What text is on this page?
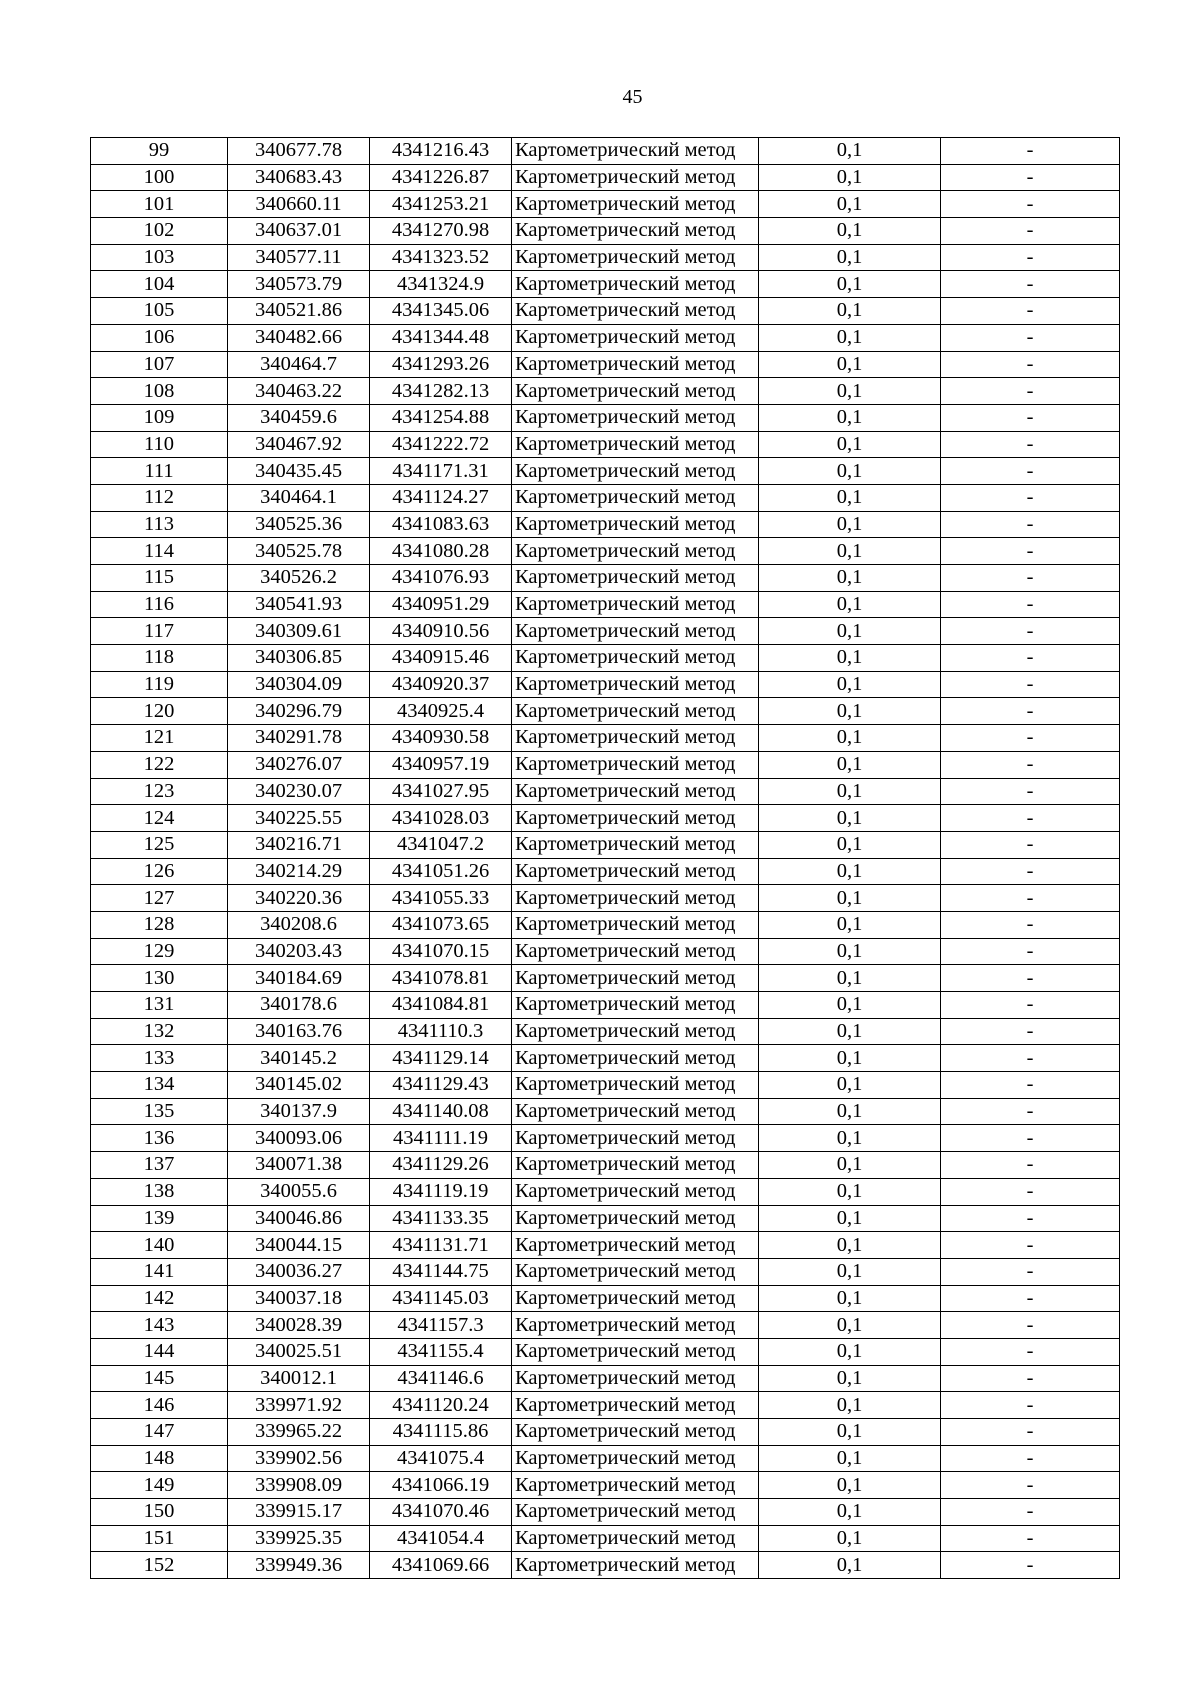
45
99	340677.78	4341216.43	Картометрический метод	0,1	-
100	340683.43	4341226.87	Картометрический метод	0,1	-
101	340660.11	4341253.21	Картометрический метод	0,1	-
102	340637.01	4341270.98	Картометрический метод	0,1	-
103	340577.11	4341323.52	Картометрический метод	0,1	-
104	340573.79	4341324.9	Картометрический метод	0,1	-
105	340521.86	4341345.06	Картометрический метод	0,1	-
106	340482.66	4341344.48	Картометрический метод	0,1	-
107	340464.7	4341293.26	Картометрический метод	0,1	-
108	340463.22	4341282.13	Картометрический метод	0,1	-
109	340459.6	4341254.88	Картометрический метод	0,1	-
110	340467.92	4341222.72	Картометрический метод	0,1	-
111	340435.45	4341171.31	Картометрический метод	0,1	-
112	340464.1	4341124.27	Картометрический метод	0,1	-
113	340525.36	4341083.63	Картометрический метод	0,1	-
114	340525.78	4341080.28	Картометрический метод	0,1	-
115	340526.2	4341076.93	Картометрический метод	0,1	-
116	340541.93	4340951.29	Картометрический метод	0,1	-
117	340309.61	4340910.56	Картометрический метод	0,1	-
118	340306.85	4340915.46	Картометрический метод	0,1	-
119	340304.09	4340920.37	Картометрический метод	0,1	-
120	340296.79	4340925.4	Картометрический метод	0,1	-
121	340291.78	4340930.58	Картометрический метод	0,1	-
122	340276.07	4340957.19	Картометрический метод	0,1	-
123	340230.07	4341027.95	Картометрический метод	0,1	-
124	340225.55	4341028.03	Картометрический метод	0,1	-
125	340216.71	4341047.2	Картометрический метод	0,1	-
126	340214.29	4341051.26	Картометрический метод	0,1	-
127	340220.36	4341055.33	Картометрический метод	0,1	-
128	340208.6	4341073.65	Картометрический метод	0,1	-
129	340203.43	4341070.15	Картометрический метод	0,1	-
130	340184.69	4341078.81	Картометрический метод	0,1	-
131	340178.6	4341084.81	Картометрический метод	0,1	-
132	340163.76	4341110.3	Картометрический метод	0,1	-
133	340145.2	4341129.14	Картометрический метод	0,1	-
134	340145.02	4341129.43	Картометрический метод	0,1	-
135	340137.9	4341140.08	Картометрический метод	0,1	-
136	340093.06	4341111.19	Картометрический метод	0,1	-
137	340071.38	4341129.26	Картометрический метод	0,1	-
138	340055.6	4341119.19	Картометрический метод	0,1	-
139	340046.86	4341133.35	Картометрический метод	0,1	-
140	340044.15	4341131.71	Картометрический метод	0,1	-
141	340036.27	4341144.75	Картометрический метод	0,1	-
142	340037.18	4341145.03	Картометрический метод	0,1	-
143	340028.39	4341157.3	Картометрический метод	0,1	-
144	340025.51	4341155.4	Картометрический метод	0,1	-
145	340012.1	4341146.6	Картометрический метод	0,1	-
146	339971.92	4341120.24	Картометрический метод	0,1	-
147	339965.22	4341115.86	Картометрический метод	0,1	-
148	339902.56	4341075.4	Картометрический метод	0,1	-
149	339908.09	4341066.19	Картометрический метод	0,1	-
150	339915.17	4341070.46	Картометрический метод	0,1	-
151	339925.35	4341054.4	Картометрический метод	0,1	-
152	339949.36	4341069.66	Картометрический метод	0,1	-
